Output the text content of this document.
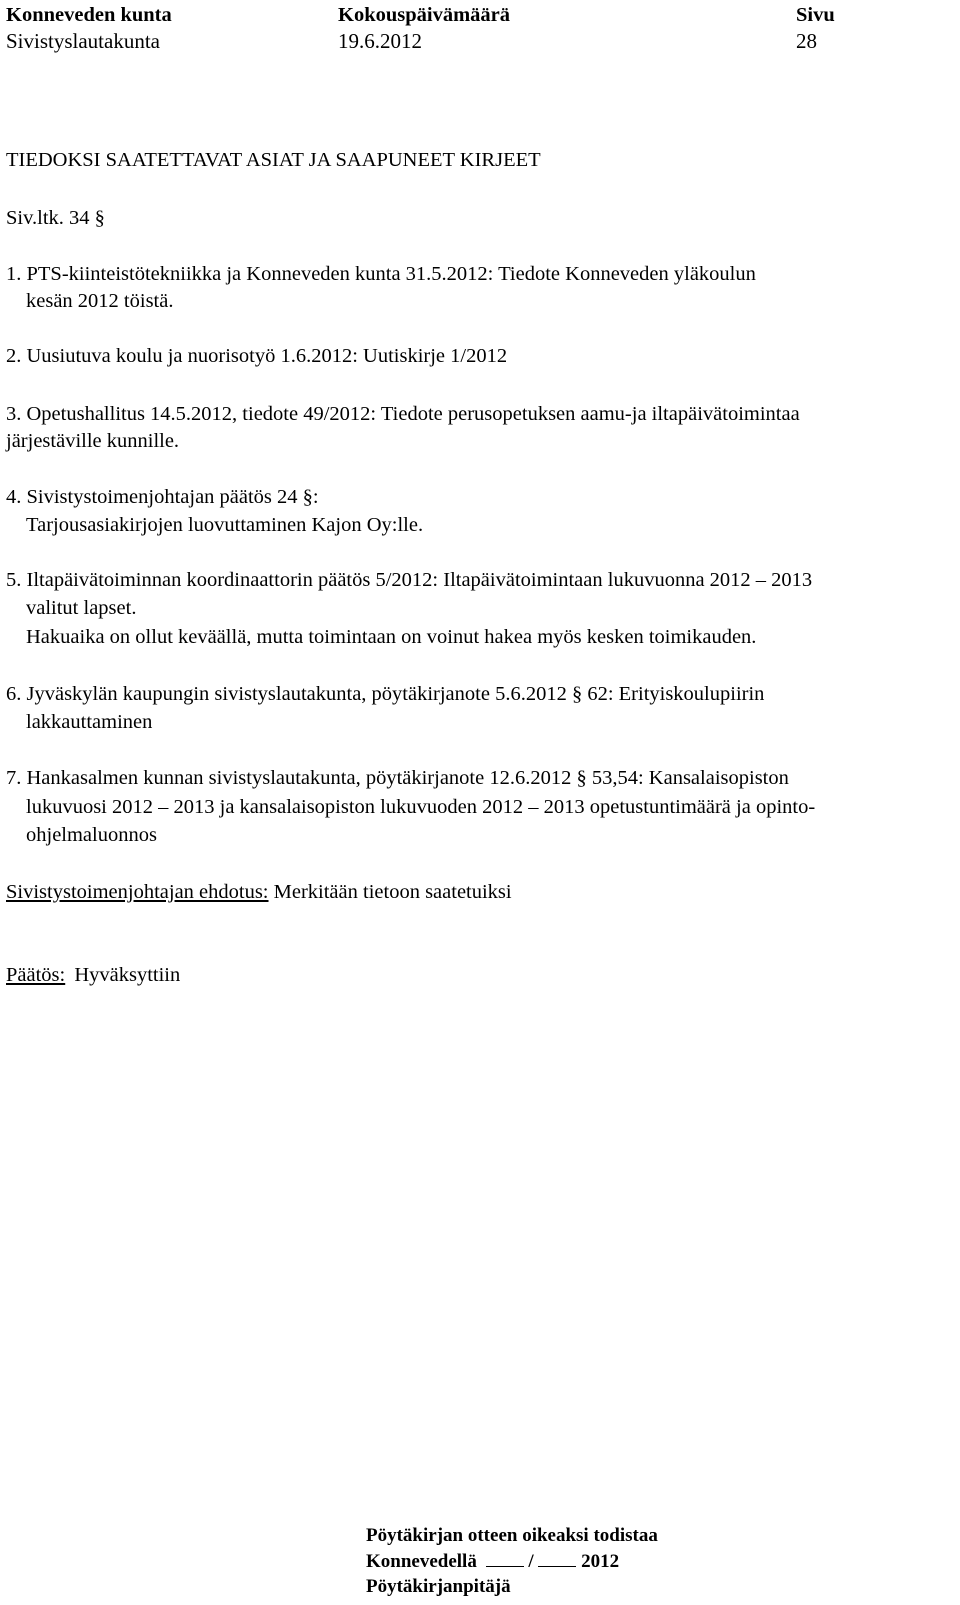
Konneveden kunta
Sivistyslautakunta
Kokouspäivämäärä
19.6.2012
Sivu
28
TIEDOKSI SAATETTAVAT ASIAT JA SAAPUNEET KIRJEET
Siv.ltk. 34 §
1. PTS-kiinteistötekniikka ja Konneveden kunta 31.5.2012: Tiedote Konneveden yläkoulun
kesän 2012 töistä.
2. Uusiutuva koulu ja nuorisotyö 1.6.2012: Uutiskirje 1/2012
3. Opetushallitus 14.5.2012, tiedote 49/2012: Tiedote perusopetuksen aamu-ja iltapäivätoimintaa
järjestäville kunnille.
4. Sivistystoimenjohtajan päätös 24 §:
Tarjousasiakirjojen luovuttaminen Kajon Oy:lle.
5. Iltapäivätoiminnan koordinaattorin päätös 5/2012: Iltapäivätoimintaan lukuvuonna 2012 – 2013
valitut lapset.
Hakuaika on ollut keväällä, mutta toimintaan on voinut hakea myös kesken toimikauden.
6. Jyväskylän kaupungin sivistyslautakunta, pöytäkirjanote 5.6.2012 § 62: Erityiskoulupiirin
lakkauttaminen
7. Hankasalmen kunnan sivistyslautakunta, pöytäkirjanote 12.6.2012 § 53,54: Kansalaisopiston
lukuvuosi 2012 – 2013 ja kansalaisopiston lukuvuoden 2012 – 2013 opetustuntimäärä ja opinto-
ohjelmaluonnos
Sivistystoimenjohtajan ehdotus: Merkitään tietoon saatetuiksi
Päätös: Hyväksyttiin
Pöytäkirjan otteen oikeaksi todistaa
Konnevedellä	/	2012
Pöytäkirjanpitäjä
